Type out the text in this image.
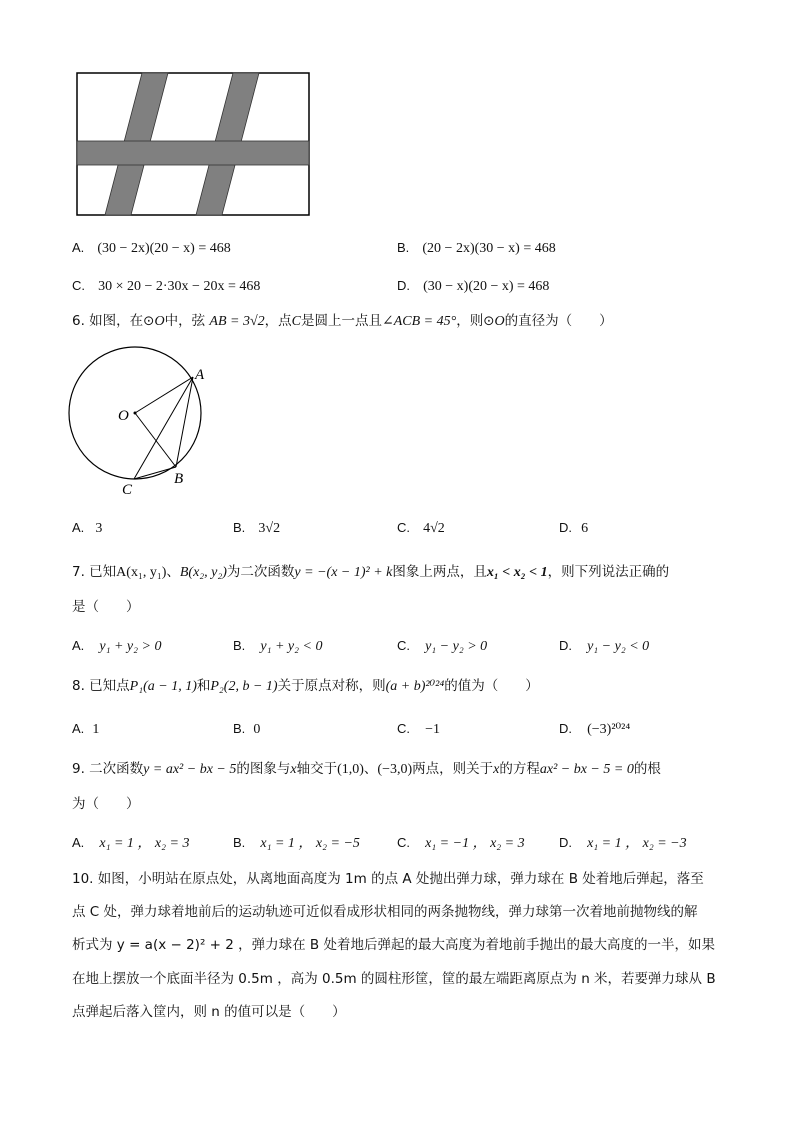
A. (30 − 2x)(20 − x) = 468	B. (20 − 2x)(30 − x) = 468
C. 30 × 20 − 2·30x − 20x = 468	D. (30 − x)(20 − x) = 468
6. 如图，在⊙O中，弦 AB = 3√2，点C是圆上一点且∠ACB = 45°，则⊙O的直径为（　　）
A
O
B
C
A. 3	B. 3√2	C. 4√2	D. 6
7. 已知A(x₁, y₁)、B(x₂, y₂)为二次函数y = −(x − 1)² + k图象上两点，且x₁ < x₂ < 1，则下列说法正确的
是（　　）
A. y₁ + y₂ > 0	B. y₁ + y₂ < 0	C. y₁ − y₂ > 0	D. y₁ − y₂ < 0
8. 已知点P₁(a − 1, 1)和P₂(2, b − 1)关于原点对称，则(a + b)²⁰²⁴的值为（　　）
A. 1	B. 0	C. −1	D. (−3)²⁰²⁴
9. 二次函数y = ax² − bx − 5的图象与x轴交于(1,0)、(−3,0)两点，则关于x的方程ax² − bx − 5 = 0的根
为（　　）
A. x₁ = 1 ， x₂ = 3	B. x₁ = 1 ， x₂ = −5	C. x₁ = −1 ， x₂ = 3	D. x₁ = 1 ， x₂ = −3
10. 如图，小明站在原点处，从离地面高度为 1m 的点 A 处抛出弹力球，弹力球在 B 处着地后弹起，落至
点 C 处，弹力球着地前后的运动轨迹可近似看成形状相同的两条抛物线，弹力球第一次着地前抛物线的解
析式为 y = a(x − 2)² + 2 ，弹力球在 B 处着地后弹起的最大高度为着地前手抛出的最大高度的一半，如果
在地上摆放一个底面半径为 0.5m ，高为 0.5m 的圆柱形筐，筐的最左端距离原点为 n 米，若要弹力球从 B
点弹起后落入筐内，则 n 的值可以是（　　）
